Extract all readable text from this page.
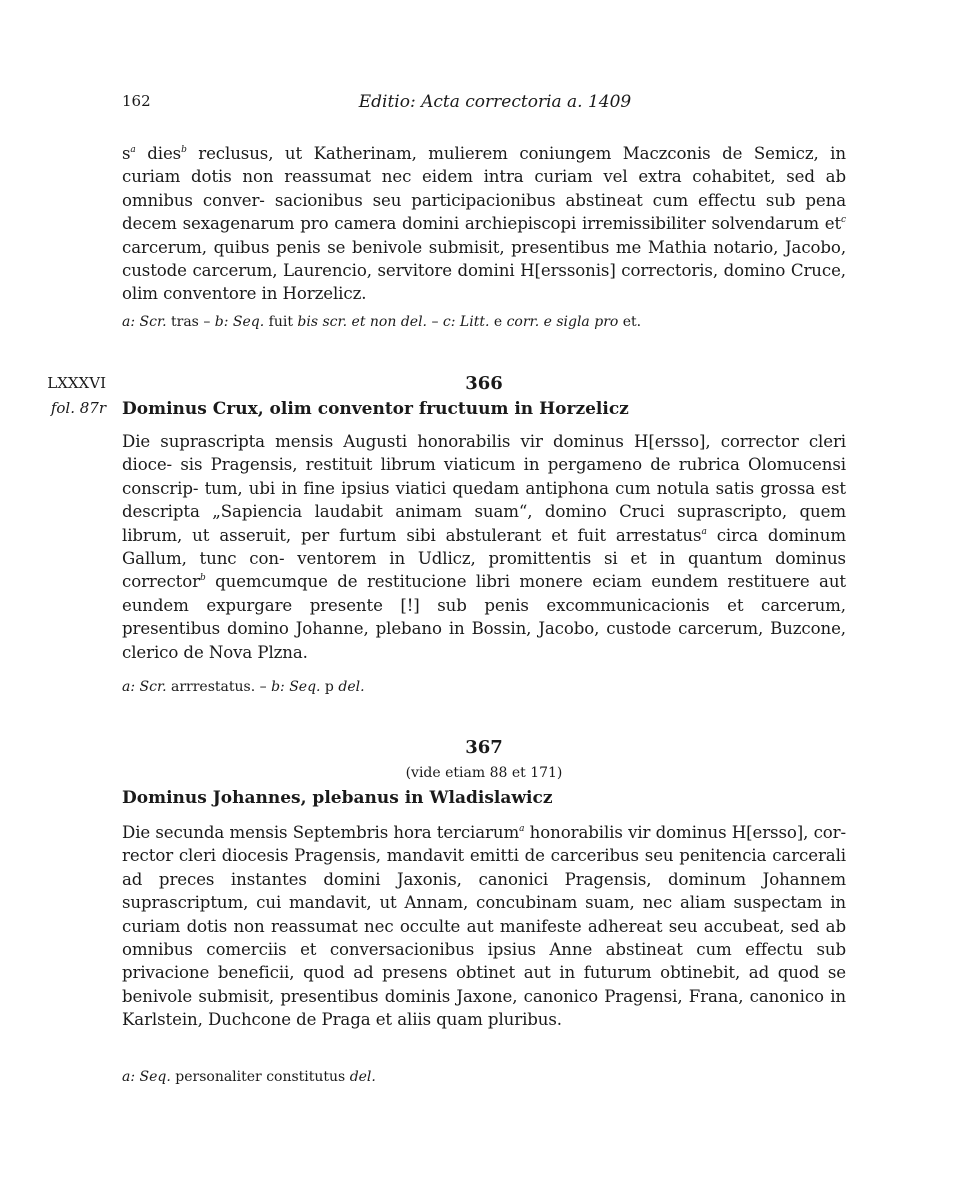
162	Editio: Acta correctoria a. 1409

$s^a$ dies$^b$ reclusus, ut Katherinam, mulierem coniungem Maczconis de Semicz, in curiam dotis non reassumat nec eidem intra curiam vel extra cohabitet, sed ab omnibus conver- sacionibus seu participacionibus abstineat cum effectu sub pena decem sexagenarum pro camera domini archiepiscopi irremissibiliter solvendarum $et^c$ carcerum, quibus penis se benivole submisit, presentibus me Mathia notario, Jacobo, custode carcerum, Laurencio, servitore domini H[erssonis] correctoris, domino Cruce, olim conventore in Horzelicz.

a: Scr. tras – b: Seq. fuit bis scr. et non del. – c: Litt. e corr. e sigla pro et.
LXXXVI
fol. 87r
366
Dominus Crux, olim conventor fructuum in Horzelicz

Die suprascripta mensis Augusti honorabilis vir dominus H[ersso], corrector cleri dioce- sis Pragensis, restituit librum viaticum in pergameno de rubrica Olomucensi conscrip- tum, ubi in fine ipsius viatici quedam antiphona cum notula satis grossa est descripta „Sapiencia laudabit animam suam“, domino Cruci suprascripto, quem librum, ut asseruit, per furtum sibi abstulerant et fuit arrestatus$^a$ circa dominum Gallum, tunc con- ventorem in Udlicz, promittentis si et in quantum dominus corrector$^b$ quemcumque de restitucione libri monere eciam eundem restituere aut eundem expurgare presente [!] sub penis excommunicacionis et carcerum, presentibus domino Johanne, plebano in Bossin, Jacobo, custode carcerum, Buzcone, clerico de Nova Plzna.

a: Scr. arrrestatus. – b: Seq. p del.
367
(vide etiam 88 et 171)
Dominus Johannes, plebanus in Wladislawicz

Die secunda mensis Septembris hora terciarum$^a$ honorabilis vir dominus H[ersso], cor- rector cleri diocesis Pragensis, mandavit emitti de carceribus seu penitencia carcerali ad preces instantes domini Jaxonis, canonici Pragensis, dominum Johannem suprascriptum, cui mandavit, ut Annam, concubinam suam, nec aliam suspectam in curiam dotis non reassumat nec occulte aut manifeste adhereat seu accubeat, sed ab omnibus comerciis et conversacionibus ipsius Anne abstineat cum effectu sub privacione beneficii, quod ad presens obtinet aut in futurum obtinebit, ad quod se benivole submisit, presentibus dominis Jaxone, canonico Pragensi, Frana, canonico in Karlstein, Duchcone de Praga et aliis quam pluribus.

a: Seq. personaliter constitutus del.
